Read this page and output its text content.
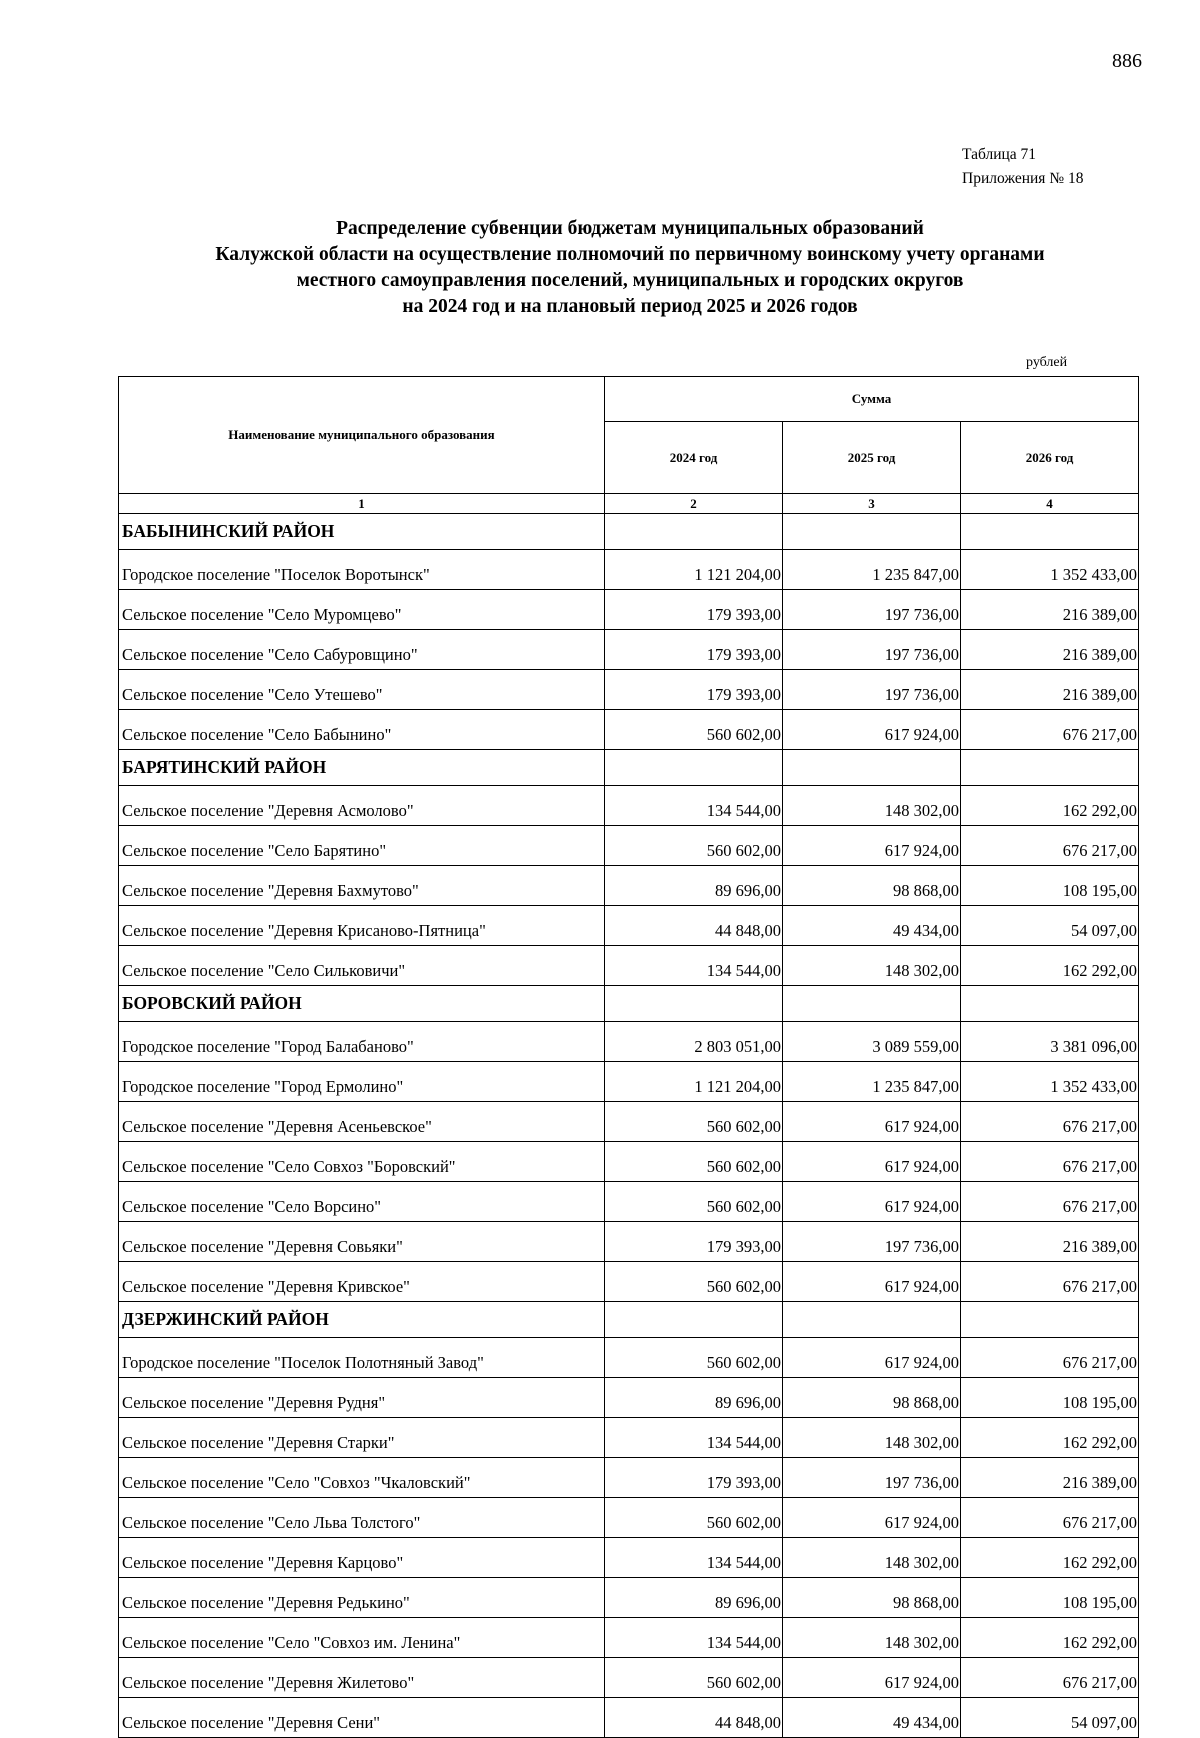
886
Таблица 71
Приложения № 18
Распределение субвенции бюджетам муниципальных образований
Калужской области на осуществление полномочий по первичному воинскому учету органами
местного самоуправления поселений, муниципальных и городских округов
на 2024 год и на плановый период 2025 и 2026 годов
рублей
Наименование муниципального образования	Сумма		
	2024 год	2025 год	2026 год
1	2	3	4
БАБЫНИНСКИЙ РАЙОН			
Городское поселение "Поселок Воротынск"	1 121 204,00	1 235 847,00	1 352 433,00
Сельское поселение "Село Муромцево"	179 393,00	197 736,00	216 389,00
Сельское поселение "Село Сабуровщино"	179 393,00	197 736,00	216 389,00
Сельское поселение "Село Утешево"	179 393,00	197 736,00	216 389,00
Сельское поселение "Село Бабынино"	560 602,00	617 924,00	676 217,00
БАРЯТИНСКИЙ РАЙОН			
Сельское поселение "Деревня Асмолово"	134 544,00	148 302,00	162 292,00
Сельское поселение "Село Барятино"	560 602,00	617 924,00	676 217,00
Сельское поселение "Деревня Бахмутово"	89 696,00	98 868,00	108 195,00
Сельское поселение "Деревня Крисаново-Пятница"	44 848,00	49 434,00	54 097,00
Сельское поселение "Село Сильковичи"	134 544,00	148 302,00	162 292,00
БОРОВСКИЙ РАЙОН			
Городское поселение "Город Балабаново"	2 803 051,00	3 089 559,00	3 381 096,00
Городское поселение "Город Ермолино"	1 121 204,00	1 235 847,00	1 352 433,00
Сельское поселение "Деревня Асеньевское"	560 602,00	617 924,00	676 217,00
Сельское поселение "Село Совхоз "Боровский"	560 602,00	617 924,00	676 217,00
Сельское поселение "Село Ворсино"	560 602,00	617 924,00	676 217,00
Сельское поселение "Деревня Совьяки"	179 393,00	197 736,00	216 389,00
Сельское поселение "Деревня Кривское"	560 602,00	617 924,00	676 217,00
ДЗЕРЖИНСКИЙ РАЙОН			
Городское поселение "Поселок Полотняный Завод"	560 602,00	617 924,00	676 217,00
Сельское поселение "Деревня Рудня"	89 696,00	98 868,00	108 195,00
Сельское поселение "Деревня Старки"	134 544,00	148 302,00	162 292,00
Сельское поселение "Село "Совхоз "Чкаловский"	179 393,00	197 736,00	216 389,00
Сельское поселение "Село Льва Толстого"	560 602,00	617 924,00	676 217,00
Сельское поселение "Деревня Карцово"	134 544,00	148 302,00	162 292,00
Сельское поселение "Деревня Редькино"	89 696,00	98 868,00	108 195,00
Сельское поселение "Село "Совхоз им. Ленина"	134 544,00	148 302,00	162 292,00
Сельское поселение "Деревня Жилетово"	560 602,00	617 924,00	676 217,00
Сельское поселение "Деревня Сени"	44 848,00	49 434,00	54 097,00
